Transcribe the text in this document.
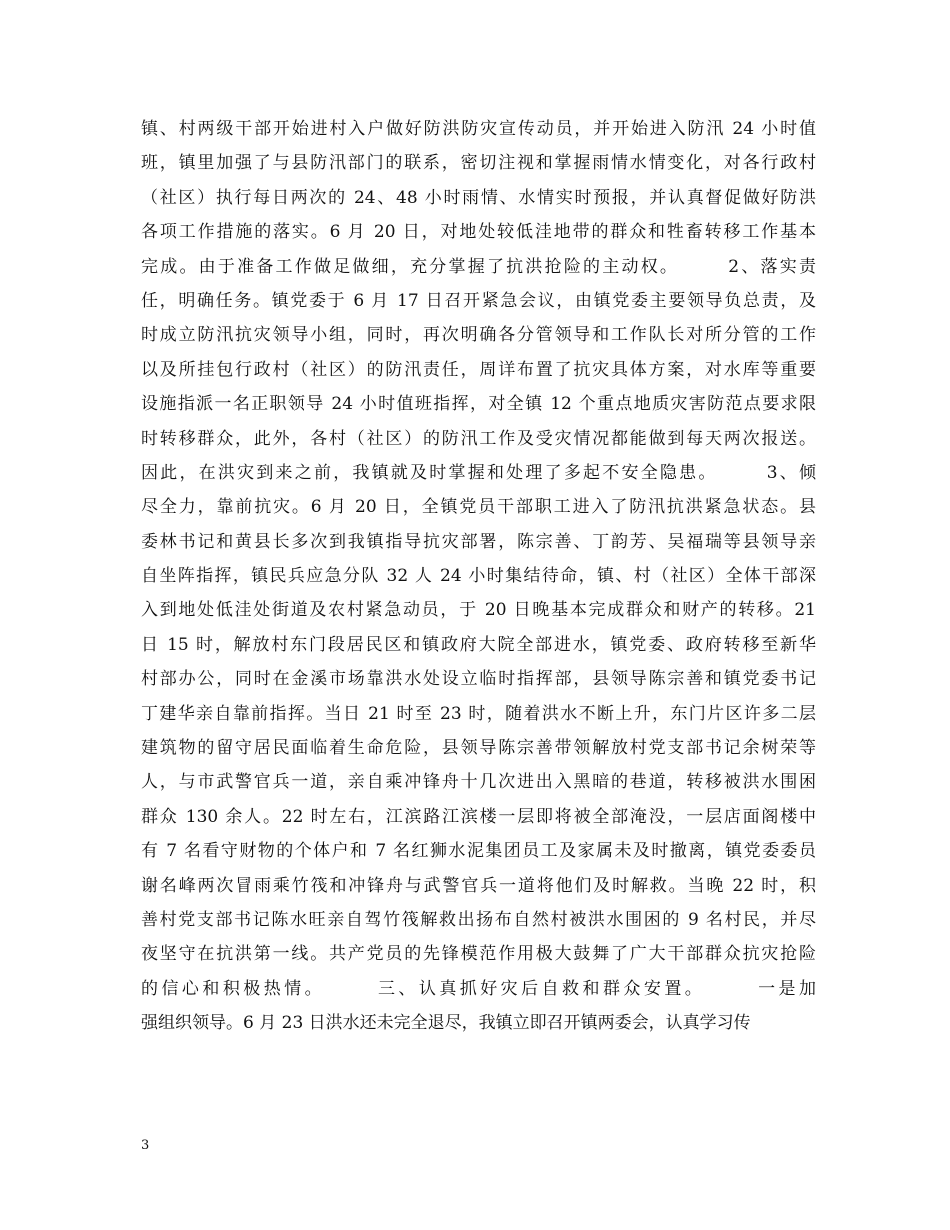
镇、村两级干部开始进村入户做好防洪防灾宣传动员，并开始进入防汛 24 小时值
班，镇里加强了与县防汛部门的联系，密切注视和掌握雨情水情变化，对各行政村
（社区）执行每日两次的 24、48 小时雨情、水情实时预报，并认真督促做好防洪
各项工作措施的落实。6 月 20 日，对地处较低洼地带的群众和牲畜转移工作基本
完成。由于准备工作做足做细，充分掌握了抗洪抢险的主动权。　　　2、落实责
任，明确任务。镇党委于 6 月 17 日召开紧急会议，由镇党委主要领导负总责，及
时成立防汛抗灾领导小组，同时，再次明确各分管领导和工作队长对所分管的工作
以及所挂包行政村（社区）的防汛责任，周详布置了抗灾具体方案，对水库等重要
设施指派一名正职领导 24 小时值班指挥，对全镇 12 个重点地质灾害防范点要求限
时转移群众，此外，各村（社区）的防汛工作及受灾情况都能做到每天两次报送。
因此，在洪灾到来之前，我镇就及时掌握和处理了多起不安全隐患。　　　3、倾
尽全力，靠前抗灾。6 月 20 日，全镇党员干部职工进入了防汛抗洪紧急状态。县
委林书记和黄县长多次到我镇指导抗灾部署，陈宗善、丁韵芳、吴福瑞等县领导亲
自坐阵指挥，镇民兵应急分队 32 人 24 小时集结待命，镇、村（社区）全体干部深
入到地处低洼处街道及农村紧急动员，于 20 日晚基本完成群众和财产的转移。21
日 15 时，解放村东门段居民区和镇政府大院全部进水，镇党委、政府转移至新华
村部办公，同时在金溪市场靠洪水处设立临时指挥部，县领导陈宗善和镇党委书记
丁建华亲自靠前指挥。当日 21 时至 23 时，随着洪水不断上升，东门片区许多二层
建筑物的留守居民面临着生命危险，县领导陈宗善带领解放村党支部书记余树荣等
人，与市武警官兵一道，亲自乘冲锋舟十几次进出入黑暗的巷道，转移被洪水围困
群众 130 余人。22 时左右，江滨路江滨楼一层即将被全部淹没，一层店面阁楼中
有 7 名看守财物的个体户和 7 名红狮水泥集团员工及家属未及时撤离，镇党委委员
谢名峰两次冒雨乘竹筏和冲锋舟与武警官兵一道将他们及时解救。当晚 22 时，积
善村党支部书记陈水旺亲自驾竹筏解救出扬布自然村被洪水围困的 9 名村民，并尽
夜坚守在抗洪第一线。共产党员的先锋模范作用极大鼓舞了广大干部群众抗灾抢险
的信心和积极热情。　　　三、认真抓好灾后自救和群众安置。　　　一是加
强组织领导。6 月 23 日洪水还未完全退尽，我镇立即召开镇两委会，认真学习传
3
